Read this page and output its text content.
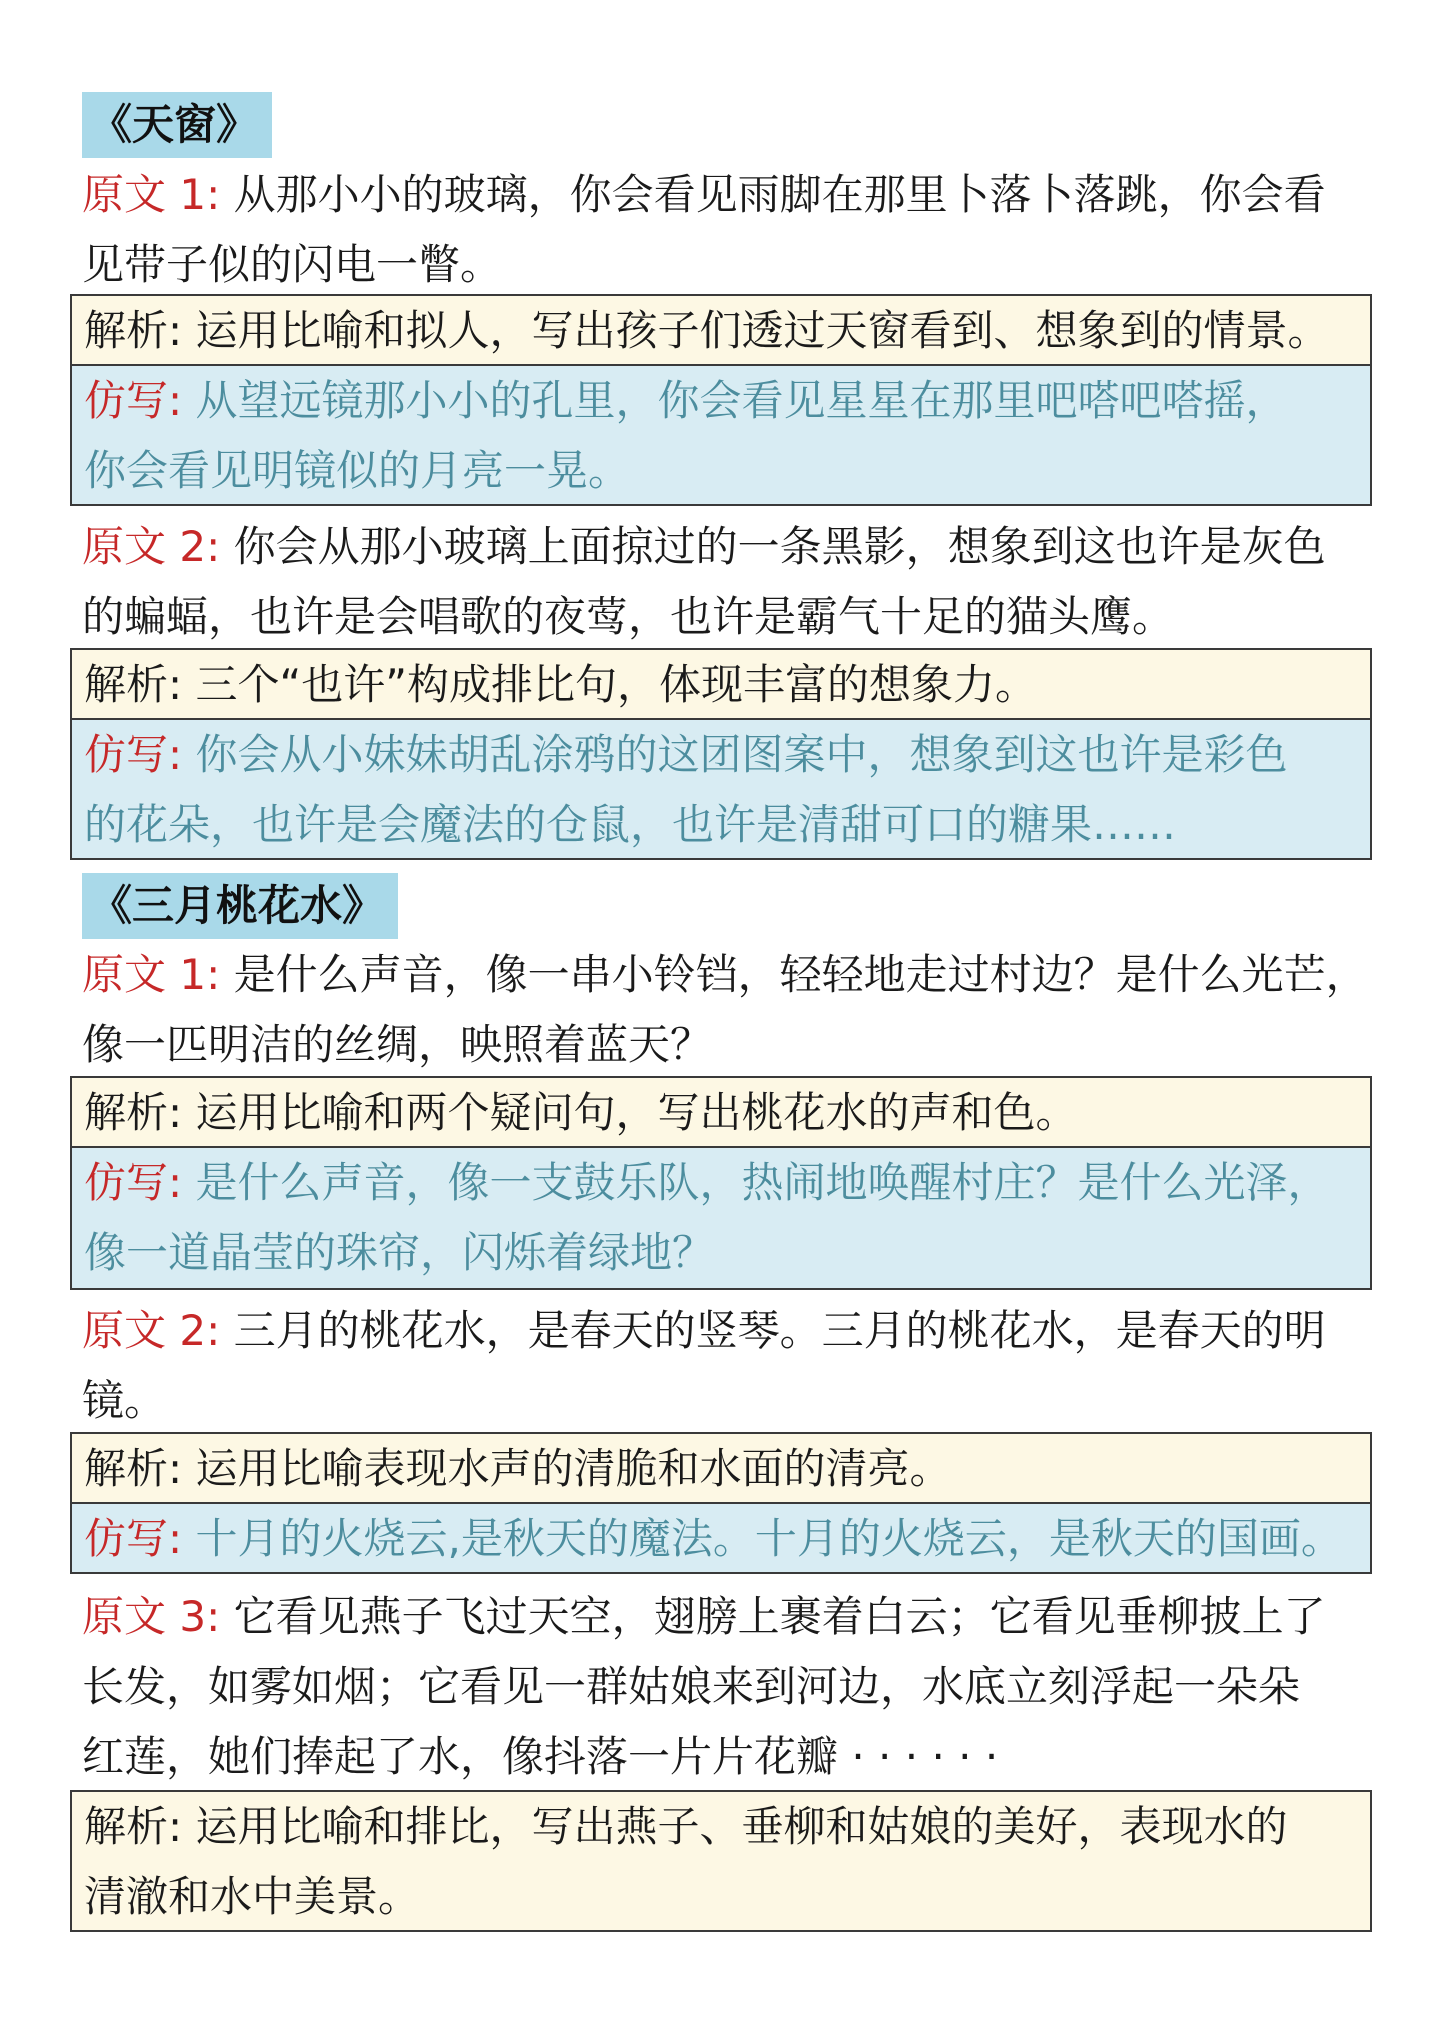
《天窗》
原文 1: 从那小小的玻璃，你会看见雨脚在那里卜落卜落跳，你会看
见带子似的闪电一瞥。
解析: 运用比喻和拟人，写出孩子们透过天窗看到、想象到的情景。
仿写: 从望远镜那小小的孔里，你会看见星星在那里吧嗒吧嗒摇，
你会看见明镜似的月亮一晃。
原文 2: 你会从那小玻璃上面掠过的一条黑影，想象到这也许是灰色
的蝙蝠，也许是会唱歌的夜莺，也许是霸气十足的猫头鹰。
解析: 三个“也许”构成排比句，体现丰富的想象力。
仿写: 你会从小妹妹胡乱涂鸦的这团图案中，想象到这也许是彩色
的花朵，也许是会魔法的仓鼠，也许是清甜可口的糖果……
《三月桃花水》
原文 1: 是什么声音，像一串小铃铛，轻轻地走过村边？是什么光芒，
像一匹明洁的丝绸，映照着蓝天？
解析: 运用比喻和两个疑问句，写出桃花水的声和色。
仿写: 是什么声音，像一支鼓乐队，热闹地唤醒村庄？是什么光泽，
像一道晶莹的珠帘，闪烁着绿地？
原文 2: 三月的桃花水，是春天的竖琴。三月的桃花水，是春天的明
镜。
解析: 运用比喻表现水声的清脆和水面的清亮。
仿写: 十月的火烧云,是秋天的魔法。十月的火烧云，是秋天的国画。
原文 3: 它看见燕子飞过天空，翅膀上裹着白云；它看见垂柳披上了
长发，如雾如烟；它看见一群姑娘来到河边，水底立刻浮起一朵朵
红莲，她们捧起了水，像抖落一片片花瓣 · · · · · ·
解析: 运用比喻和排比，写出燕子、垂柳和姑娘的美好，表现水的
清澈和水中美景。
